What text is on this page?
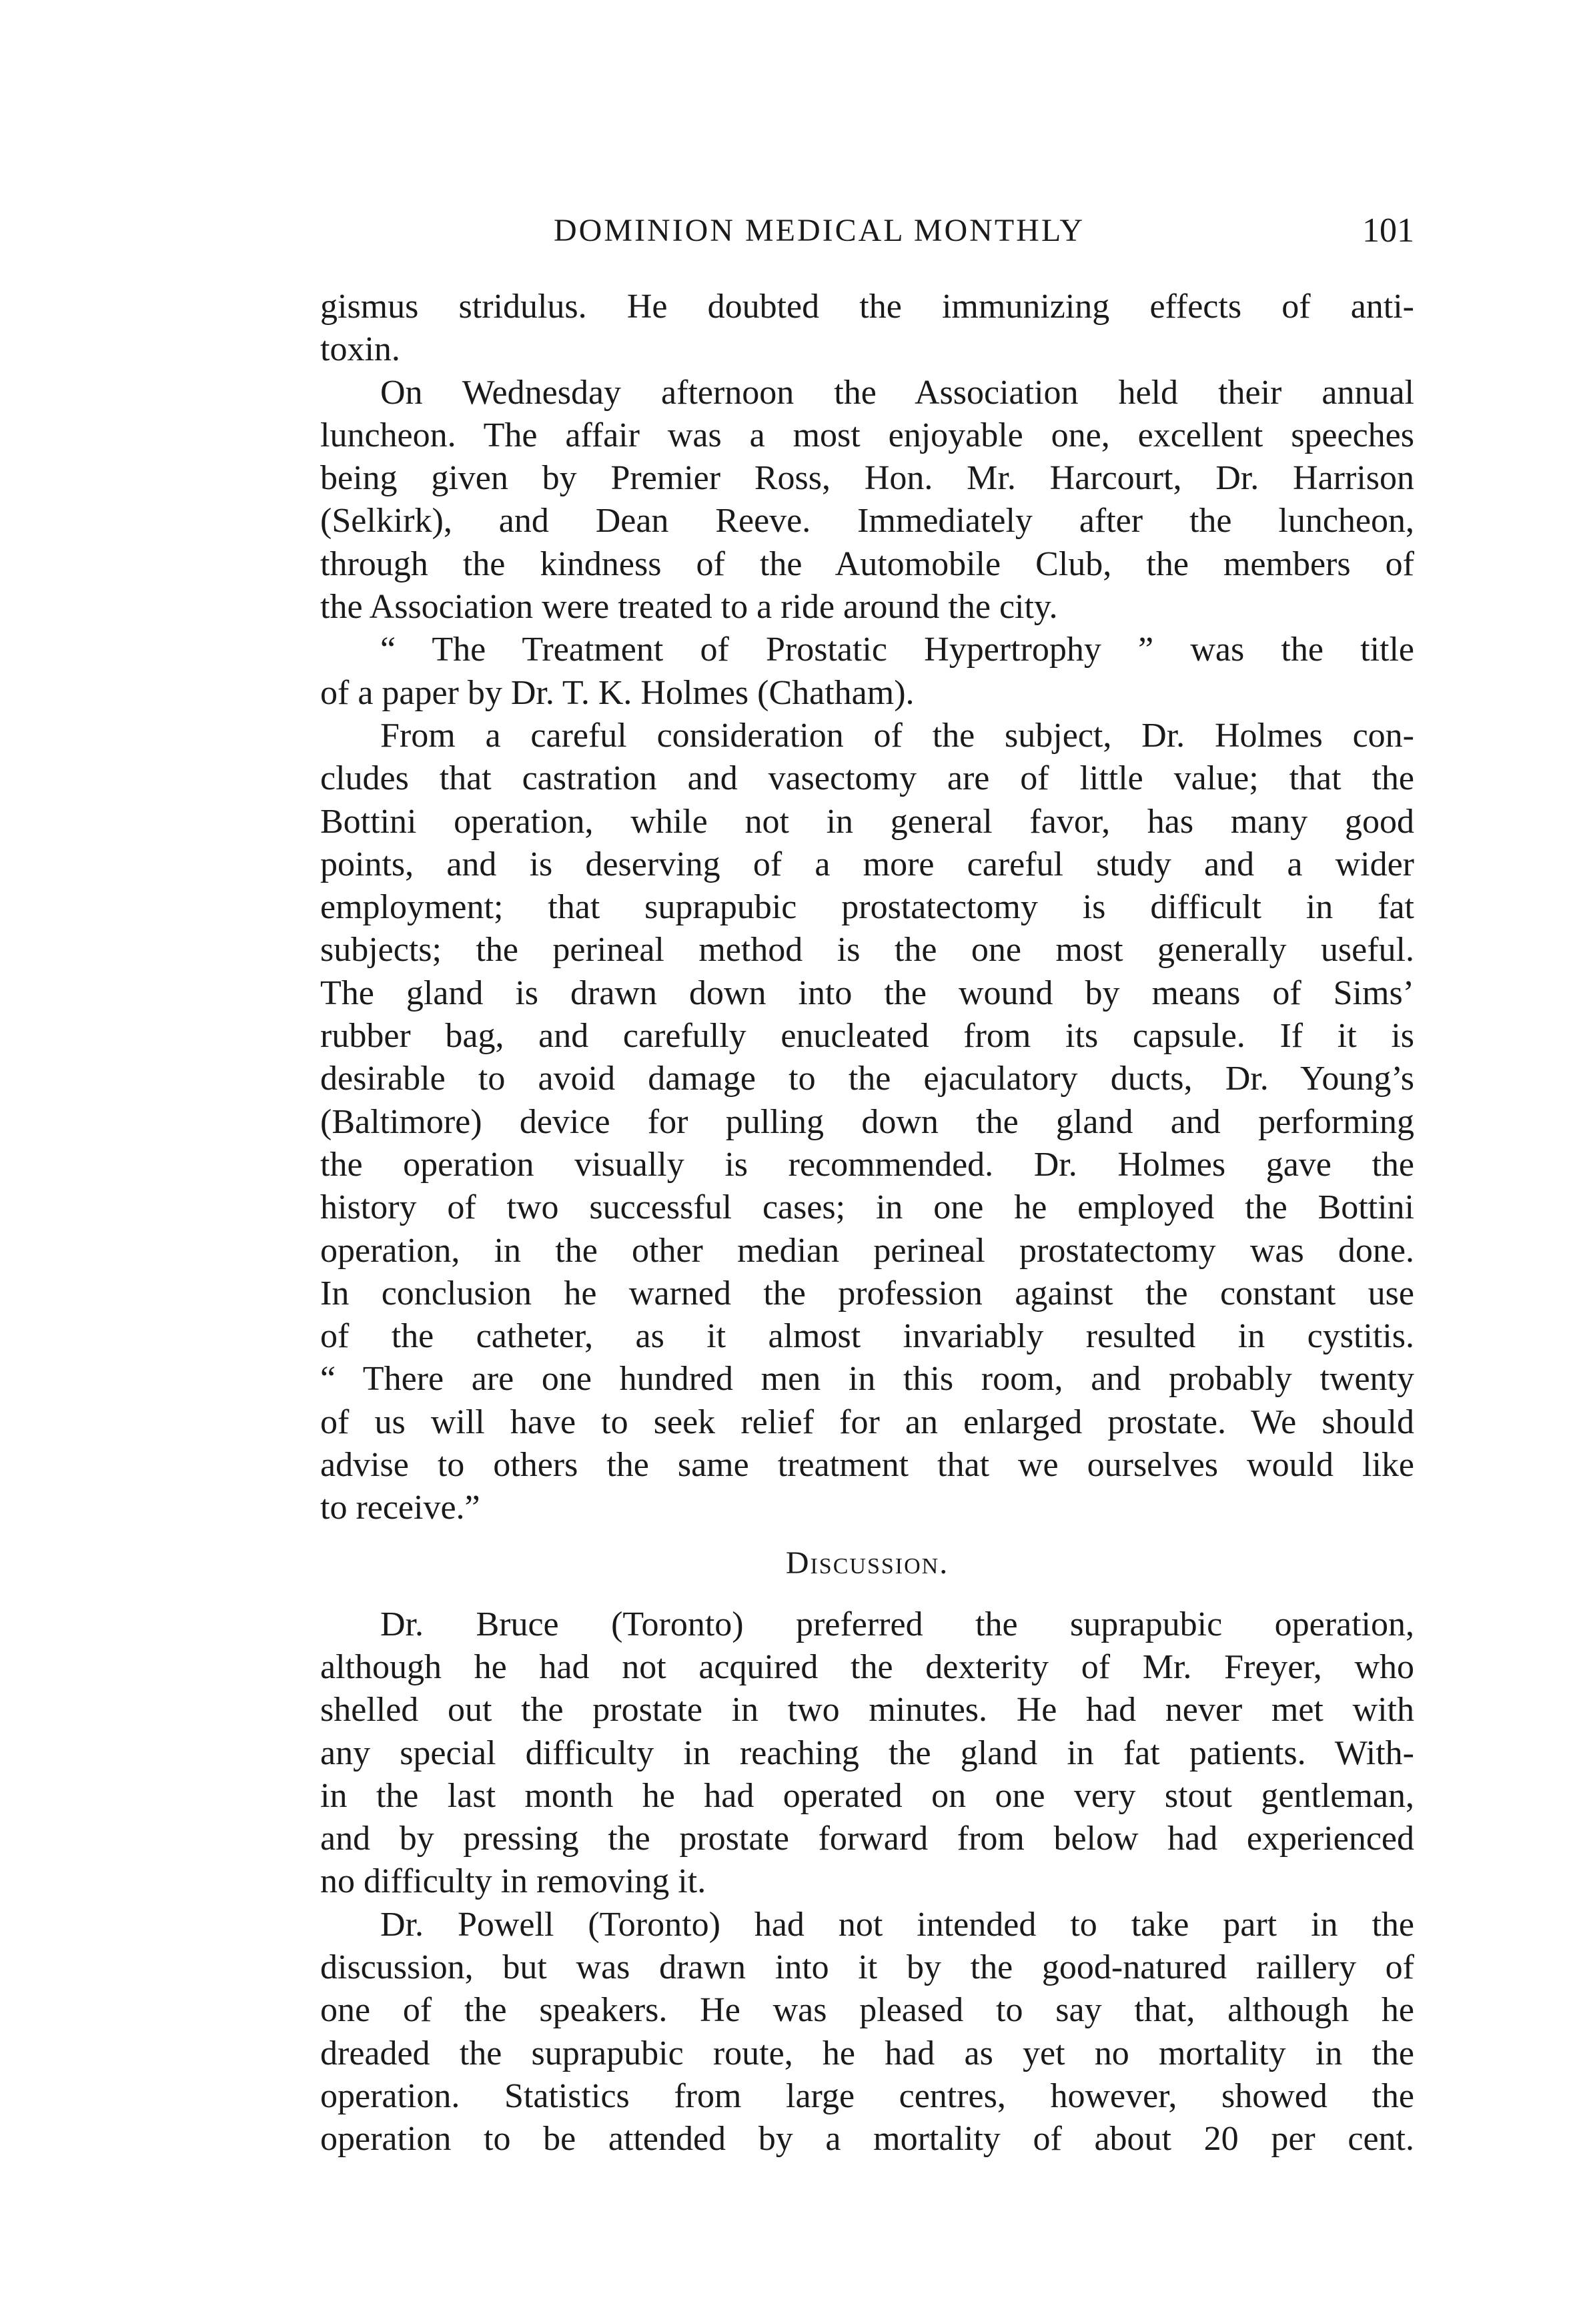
DOMINION MEDICAL MONTHLY	101
gismus stridulus. He doubted the immunizing effects of anti-
toxin.
On Wednesday afternoon the Association held their annual
luncheon. The affair was a most enjoyable one, excellent speeches
being given by Premier Ross, Hon. Mr. Harcourt, Dr. Harrison
(Selkirk), and Dean Reeve. Immediately after the luncheon,
through the kindness of the Automobile Club, the members of
the Association were treated to a ride around the city.
“ The Treatment of Prostatic Hypertrophy ” was the title
of a paper by Dr. T. K. Holmes (Chatham).
From a careful consideration of the subject, Dr. Holmes con-
cludes that castration and vasectomy are of little value; that the
Bottini operation, while not in general favor, has many good
points, and is deserving of a more careful study and a wider
employment; that suprapubic prostatectomy is difficult in fat
subjects; the perineal method is the one most generally useful.
The gland is drawn down into the wound by means of Sims’
rubber bag, and carefully enucleated from its capsule. If it is
desirable to avoid damage to the ejaculatory ducts, Dr. Young’s
(Baltimore) device for pulling down the gland and performing
the operation visually is recommended. Dr. Holmes gave the
history of two successful cases; in one he employed the Bottini
operation, in the other median perineal prostatectomy was done.
In conclusion he warned the profession against the constant use
of the catheter, as it almost invariably resulted in cystitis.
“ There are one hundred men in this room, and probably twenty
of us will have to seek relief for an enlarged prostate. We should
advise to others the same treatment that we ourselves would like
to receive.”
Discussion.
Dr. Bruce (Toronto) preferred the suprapubic operation,
although he had not acquired the dexterity of Mr. Freyer, who
shelled out the prostate in two minutes. He had never met with
any special difficulty in reaching the gland in fat patients. With-
in the last month he had operated on one very stout gentleman,
and by pressing the prostate forward from below had experienced
no difficulty in removing it.
Dr. Powell (Toronto) had not intended to take part in the
discussion, but was drawn into it by the good-natured raillery of
one of the speakers. He was pleased to say that, although he
dreaded the suprapubic route, he had as yet no mortality in the
operation. Statistics from large centres, however, showed the
operation to be attended by a mortality of about 20 per cent.
